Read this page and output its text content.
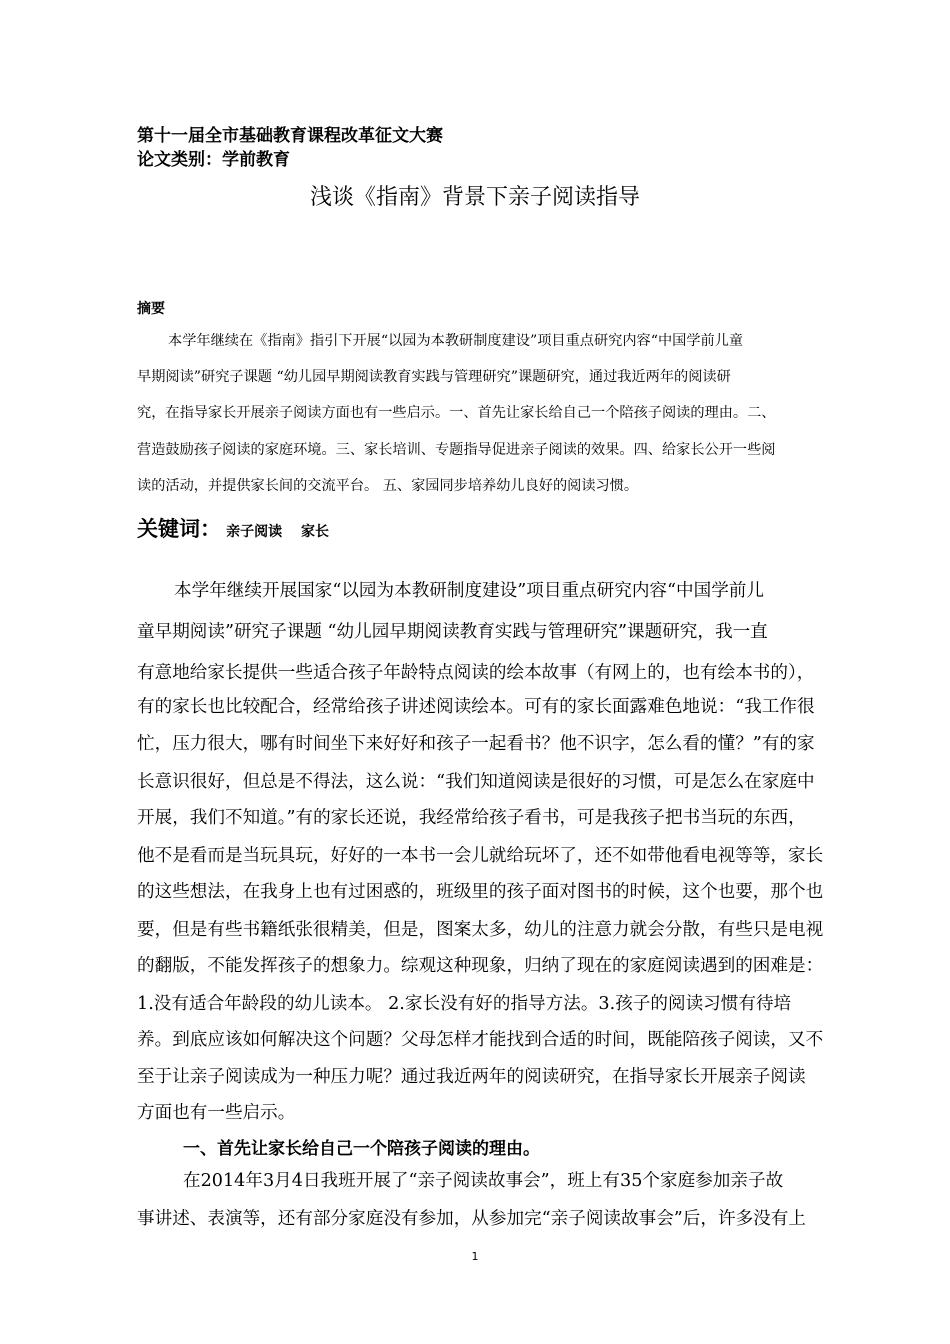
第十一届全市基础教育课程改革征文大赛
论文类别：学前教育
浅谈《指南》背景下亲子阅读指导
摘要
本学年继续在《指南》指引下开展“以园为本教研制度建设”项目重点研究内容“中国学前儿童
早期阅读”研究子课题 “幼儿园早期阅读教育实践与管理研究”课题研究，通过我近两年的阅读研
究，在指导家长开展亲子阅读方面也有一些启示。一、首先让家长给自己一个陪孩子阅读的理由。二、
营造鼓励孩子阅读的家庭环境。三、家长培训、专题指导促进亲子阅读的效果。四、给家长公开一些阅
读的活动，并提供家长间的交流平台。 五、家园同步培养幼儿良好的阅读习惯。
关键词： 亲子阅读 家长
本学年继续开展国家“以园为本教研制度建设”项目重点研究内容“中国学前儿
童早期阅读”研究子课题 “幼儿园早期阅读教育实践与管理研究”课题研究，我一直
有意地给家长提供一些适合孩子年龄特点阅读的绘本故事（有网上的，也有绘本书的），
有的家长也比较配合，经常给孩子讲述阅读绘本。可有的家长面露难色地说：“我工作很
忙，压力很大，哪有时间坐下来好好和孩子一起看书？他不识字，怎么看的懂？”有的家
长意识很好，但总是不得法，这么说：“我们知道阅读是很好的习惯，可是怎么在家庭中
开展，我们不知道。”有的家长还说，我经常给孩子看书，可是我孩子把书当玩的东西，
他不是看而是当玩具玩，好好的一本书一会儿就给玩坏了，还不如带他看电视等等，家长
的这些想法，在我身上也有过困惑的，班级里的孩子面对图书的时候，这个也要，那个也
要，但是有些书籍纸张很精美，但是，图案太多，幼儿的注意力就会分散，有些只是电视
的翻版，不能发挥孩子的想象力。综观这种现象，归纳了现在的家庭阅读遇到的困难是：
1.没有适合年龄段的幼儿读本。 2.家长没有好的指导方法。3.孩子的阅读习惯有待培
养。到底应该如何解决这个问题？父母怎样才能找到合适的时间，既能陪孩子阅读，又不
至于让亲子阅读成为一种压力呢？通过我近两年的阅读研究，在指导家长开展亲子阅读
方面也有一些启示。
一、首先让家长给自己一个陪孩子阅读的理由。
在2014年3月4日我班开展了“亲子阅读故事会”，班上有35个家庭参加亲子故
事讲述、表演等，还有部分家庭没有参加，从参加完“亲子阅读故事会”后，许多没有上
1
